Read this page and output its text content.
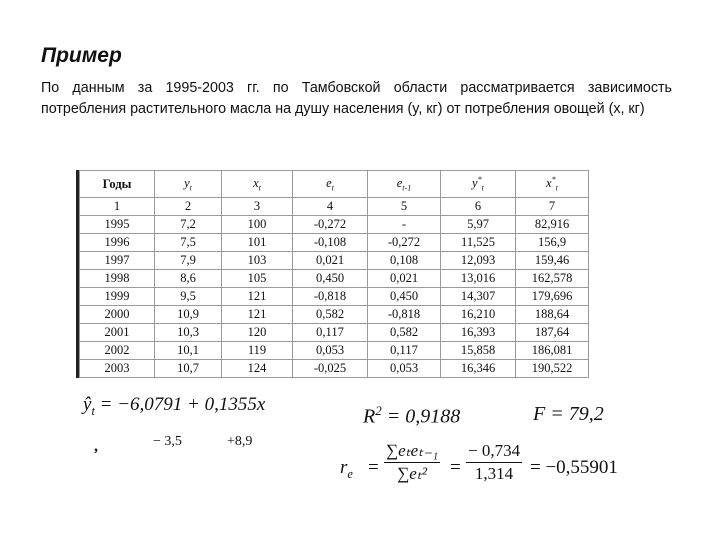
Пример
По данным за 1995-2003 гг. по Тамбовской области рассматривается зависимость потребления растительного масла на душу населения (y, кг) от потребления овощей (x, кг)
Годы	$y_t$	$x_t$	$e_t$	$e_{t-1}$	$y^*_t$	$x^*_t$
1	2	3	4	5	6	7
1995	7,2	100	-0,272	-	5,97	82,916
1996	7,5	101	-0,108	-0,272	11,525	156,9
1997	7,9	103	0,021	0,108	12,093	159,46
1998	8,6	105	0,450	0,021	13,016	162,578
1999	9,5	121	-0,818	0,450	14,307	179,696
2000	10,9	121	0,582	-0,818	16,210	188,64
2001	10,3	120	0,117	0,582	16,393	187,64
2002	10,1	119	0,053	0,117	15,858	186,081
2003	10,7	124	-0,025	0,053	16,346	190,522
$ŷ_t = -6,0791 + 0,1355x$
,	− 3,5	+8,9
$R^2 = 0,9188$	F = 79,2
$r_e$ =
∑eₜeₜ₋₁
∑eₜ²	= $\frac{- 0,734}{1,314} = -0,55901$
